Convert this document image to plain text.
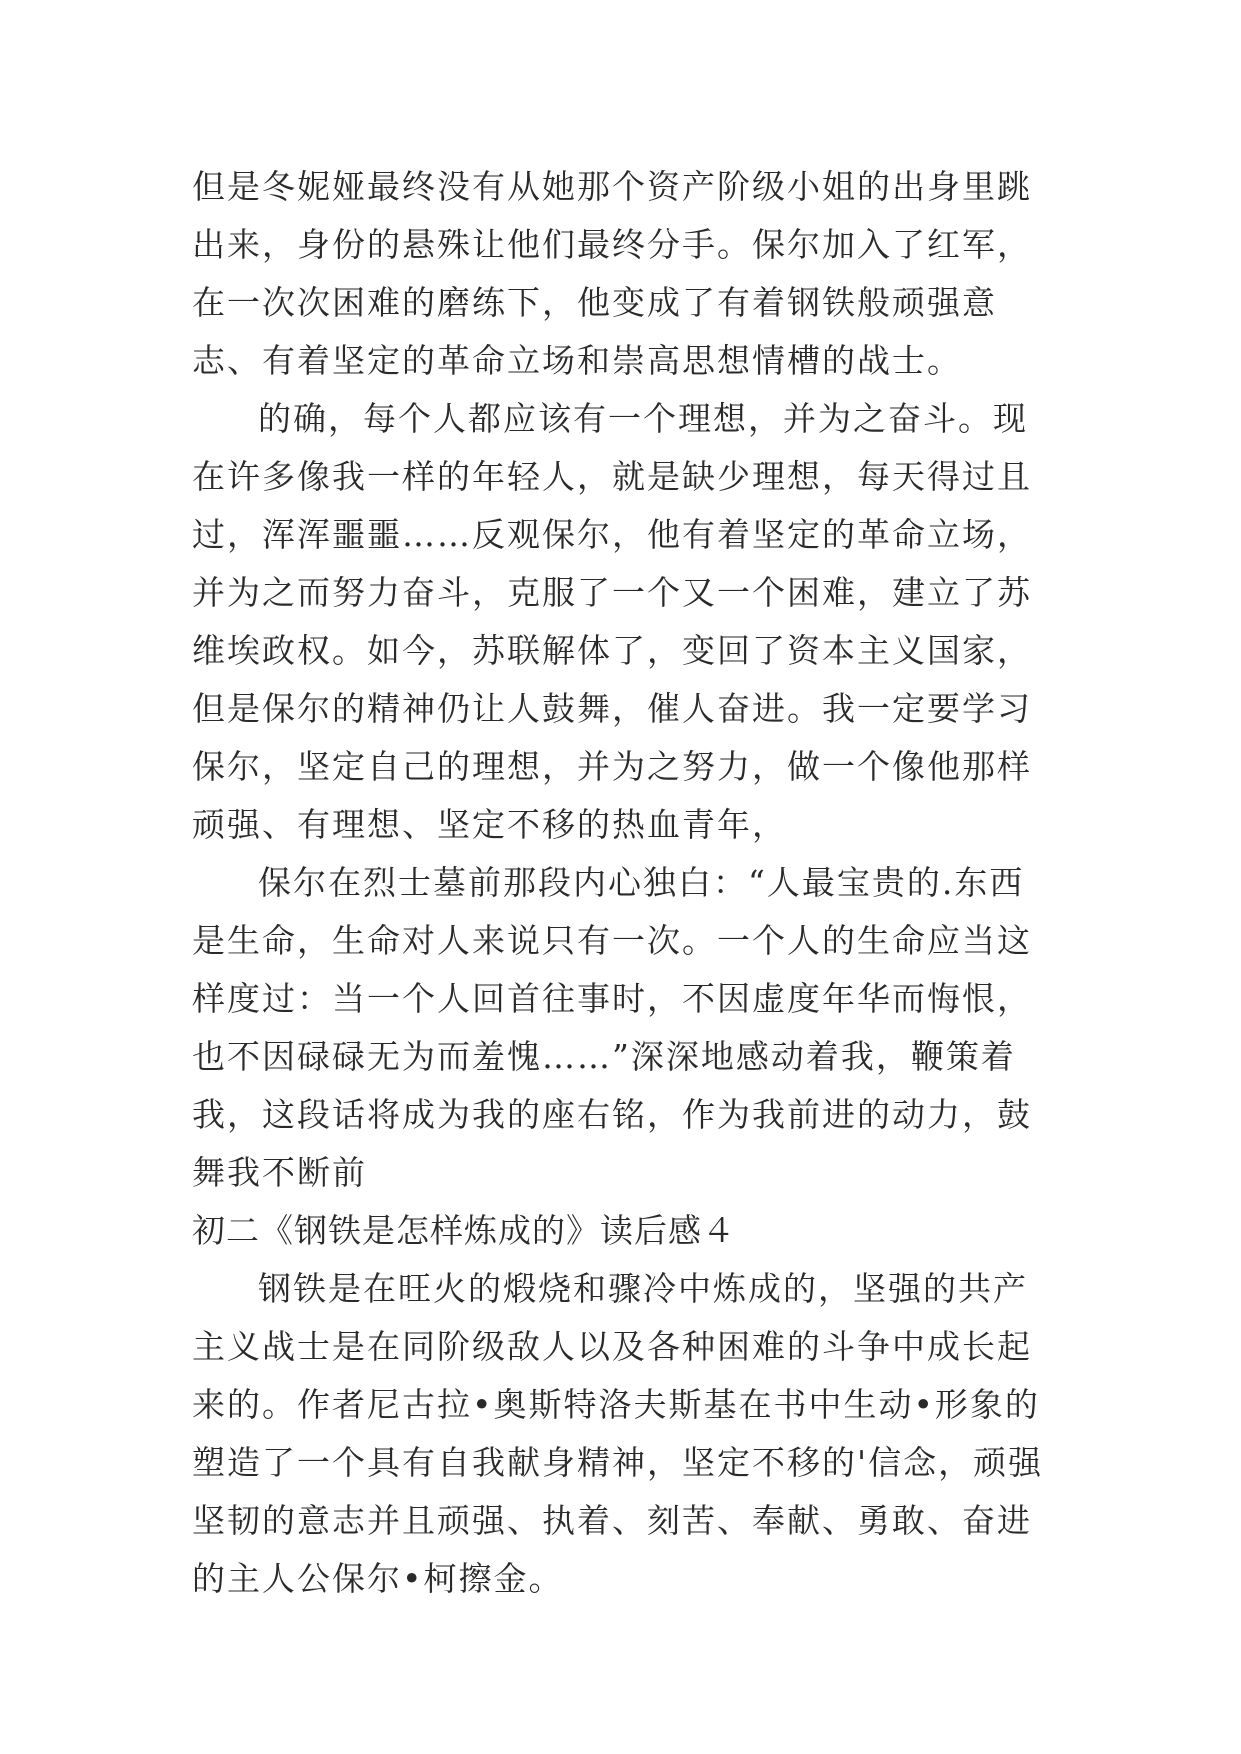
但是冬妮娅最终没有从她那个资产阶级小姐的出身里跳出来，身份的悬殊让他们最终分手。保尔加入了红军，在一次次困难的磨练下，他变成了有着钢铁般顽强意志、有着坚定的革命立场和崇高思想情槽的战士。

的确，每个人都应该有一个理想，并为之奋斗。现在许多像我一样的年轻人，就是缺少理想，每天得过且过，浑浑噩噩……反观保尔，他有着坚定的革命立场，并为之而努力奋斗，克服了一个又一个困难，建立了苏维埃政权。如今，苏联解体了，变回了资本主义国家，但是保尔的精神仍让人鼓舞，催人奋进。我一定要学习保尔，坚定自己的理想，并为之努力，做一个像他那样顽强、有理想、坚定不移的热血青年，

保尔在烈士墓前那段内心独白：“人最宝贵的.东西是生命，生命对人来说只有一次。一个人的生命应当这样度过：当一个人回首往事时，不因虚度年华而悔恨，也不因碌碌无为而羞愧……”深深地感动着我，鞭策着我，这段话将成为我的座右铭，作为我前进的动力，鼓舞我不断前

初二《钢铁是怎样炼成的》读后感４

钢铁是在旺火的煅烧和骤冷中炼成的，坚强的共产主义战士是在同阶级敌人以及各种困难的斗争中成长起来的。作者尼古拉•奥斯特洛夫斯基在书中生动•形象的塑造了一个具有自我献身精神，坚定不移的'信念，顽强坚韧的意志并且顽强、执着、刻苦、奉献、勇敢、奋进的主人公保尔•柯擦金。
